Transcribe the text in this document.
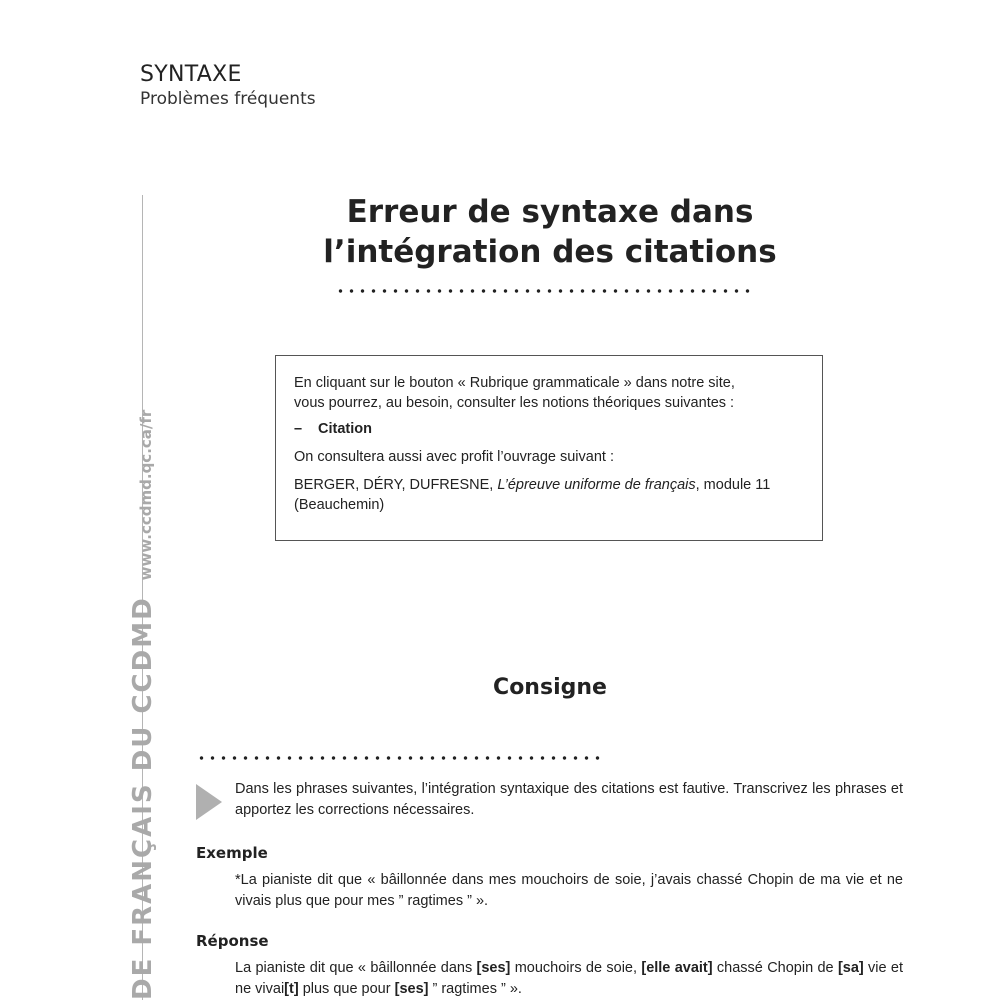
SYNTAXE
Problèmes fréquents
DE FRANÇAIS DU CCDMDwww.ccdmd.qc.ca/fr
Erreur de syntaxe dans
l’intégration des citations

En cliquant sur le bouton « Rubrique grammaticale » dans notre site,

vous pourrez, au besoin, consulter les notions théoriques suivantes :

– Citation

On consultera aussi avec profit l’ouvrage suivant :

BERGER, DÉRY, DUFRESNE, L’épreuve uniforme de français, module 11

(Beauchemin)

Consigne
Dans les phrases suivantes, l’intégration syntaxique des citations est fautive. Transcrivez les phrases et apportez les corrections nécessaires.
Exemple
*La pianiste dit que « bâillonnée dans mes mouchoirs de soie, j’avais chassé Chopin de ma vie et ne vivais plus que pour mes ” ragtimes ” ».
Réponse
La pianiste dit que « bâillonnée dans [ses] mouchoirs de soie, [elle avait] chassé Chopin de [sa] vie et ne vivai[t] plus que pour [ses] ” ragtimes ” ».
